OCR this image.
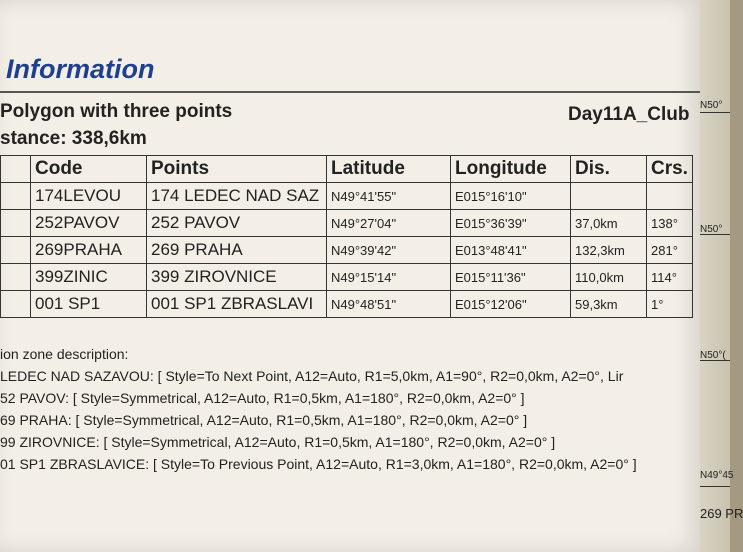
N50°
N50°
N50°(
N49°45
269 PR
Information
Polygon with three points
stance: 338,6km
Day11A_Club
	Code	Points	Latitude	Longitude	Dis.	Crs.
	174LEVOU	174 LEDEC NAD SAZ	N49°41'55"	E015°16'10"		
	252PAVOV	252 PAVOV	N49°27'04"	E015°36'39"	37,0km	138°
	269PRAHA	269 PRAHA	N49°39'42"	E013°48'41"	132,3km	281°
	399ZINIC	399 ZIROVNICE	N49°15'14"	E015°11'36"	110,0km	114°
	001 SP1	001 SP1 ZBRASLAVI	N49°48'51"	E015°12'06"	59,3km	1°
ion zone description:
LEDEC NAD SAZAVOU: [ Style=To Next Point, A12=Auto, R1=5,0km, A1=90°, R2=0,0km, A2=0°, Lir
52 PAVOV: [ Style=Symmetrical, A12=Auto, R1=0,5km, A1=180°, R2=0,0km, A2=0° ]
69 PRAHA: [ Style=Symmetrical, A12=Auto, R1=0,5km, A1=180°, R2=0,0km, A2=0° ]
99 ZIROVNICE: [ Style=Symmetrical, A12=Auto, R1=0,5km, A1=180°, R2=0,0km, A2=0° ]
01 SP1 ZBRASLAVICE: [ Style=To Previous Point, A12=Auto, R1=3,0km, A1=180°, R2=0,0km, A2=0° ]
